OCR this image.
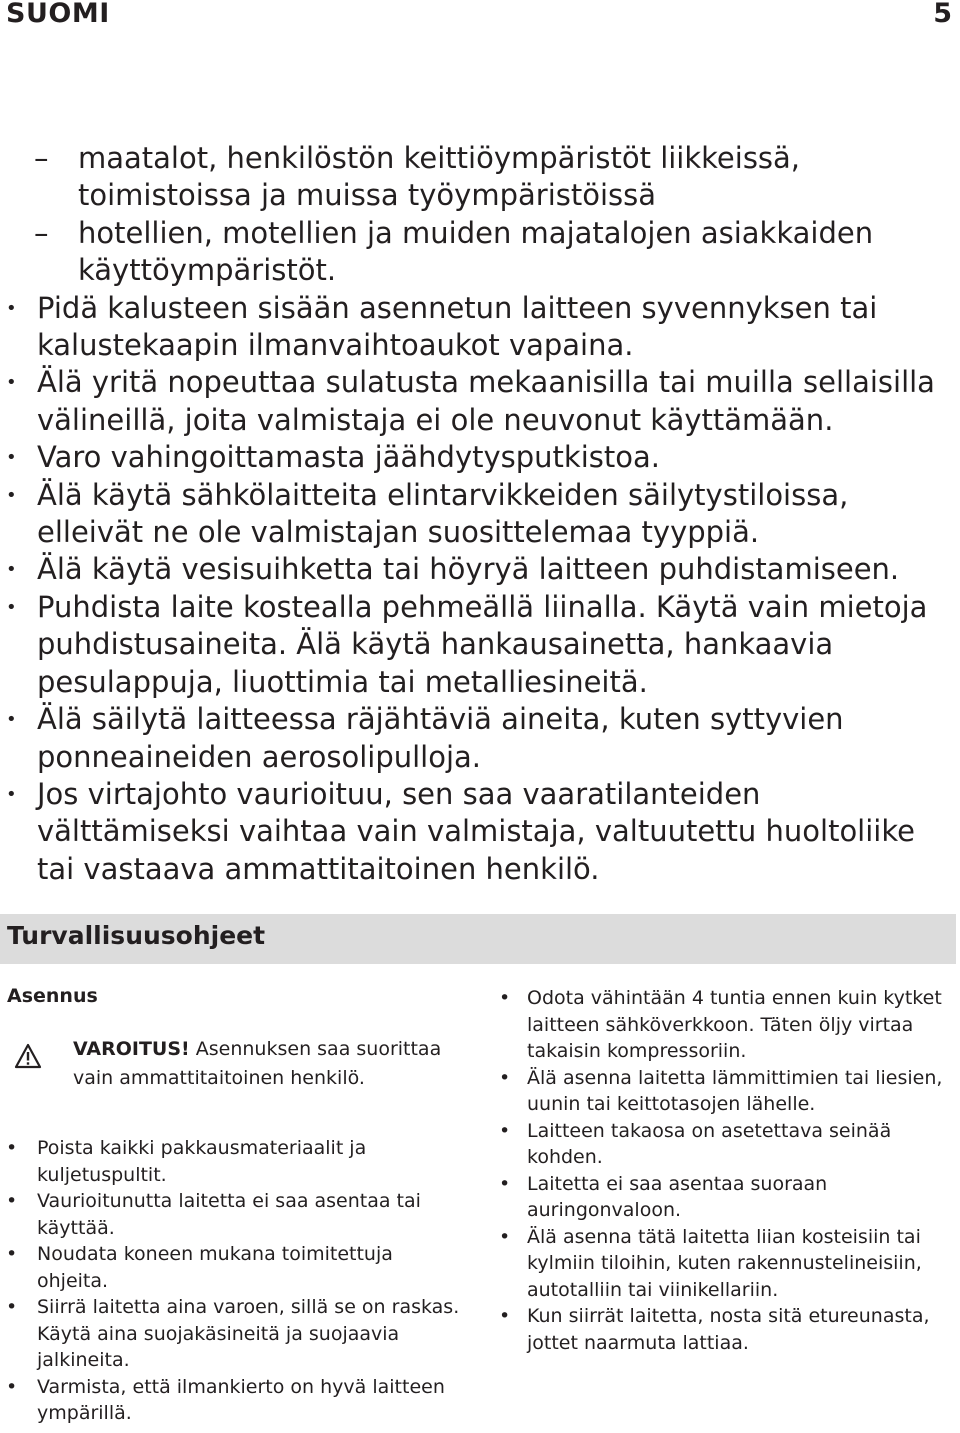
SUOMI	5
– maatalot, henkilöstön keittiöympäristöt liikkeissä, toimistoissa ja muissa työympäristöissä
– hotellien, motellien ja muiden majatalojen asiakkaiden käyttöympäristöt.
• Pidä kalusteen sisään asennetun laitteen syvennyksen tai kalustekaapin ilmanvaihtoaukot vapaina.
• Älä yritä nopeuttaa sulatusta mekaanisilla tai muilla sellaisilla välineillä, joita valmistaja ei ole neuvonut käyttämään.
• Varo vahingoittamasta jäähdytysputkistoa.
• Älä käytä sähkölaitteita elintarvikkeiden säilytystiloissa, elleivät ne ole valmistajan suosittelemaa tyyppiä.
• Älä käytä vesisuihketta tai höyryä laitteen puhdistamiseen.
• Puhdista laite kostealla pehmeällä liinalla. Käytä vain mietoja puhdistusaineita. Älä käytä hankausainetta, hankaavia pesulappuja, liuottimia tai metalliesineitä.
• Älä säilytä laitteessa räjähtäviä aineita, kuten syttyvien ponneaineiden aerosolipulloja.
• Jos virtajohto vaurioituu, sen saa vaaratilanteiden välttämiseksi vaihtaa vain valmistaja, valtuutettu huoltoliike tai vastaava ammattitaitoinen henkilö.
Turvallisuusohjeet
Asennus
VAROITUS! Asennuksen saa suorittaa vain ammattitaitoinen henkilö.
• Poista kaikki pakkausmateriaalit ja kuljetuspultit.
• Vaurioitunutta laitetta ei saa asentaa tai käyttää.
• Noudata koneen mukana toimitettuja ohjeita.
• Siirrä laitetta aina varoen, sillä se on raskas. Käytä aina suojakäsineitä ja suojaavia jalkineita.
• Varmista, että ilmankierto on hyvä laitteen ympärillä.
• Odota vähintään 4 tuntia ennen kuin kytket laitteen sähköverkkoon. Täten öljy virtaa takaisin kompressoriin.
• Älä asenna laitetta lämmittimien tai liesien, uunin tai keittotasojen lähelle.
• Laitteen takaosa on asetettava seinää kohden.
• Laitetta ei saa asentaa suoraan auringonvaloon.
• Älä asenna tätä laitetta liian kosteisiin tai kylmiin tiloihin, kuten rakennustelineisiin, autotalliin tai viinikellariin.
• Kun siirrät laitetta, nosta sitä etureunasta, jottet naarmuta lattiaa.
